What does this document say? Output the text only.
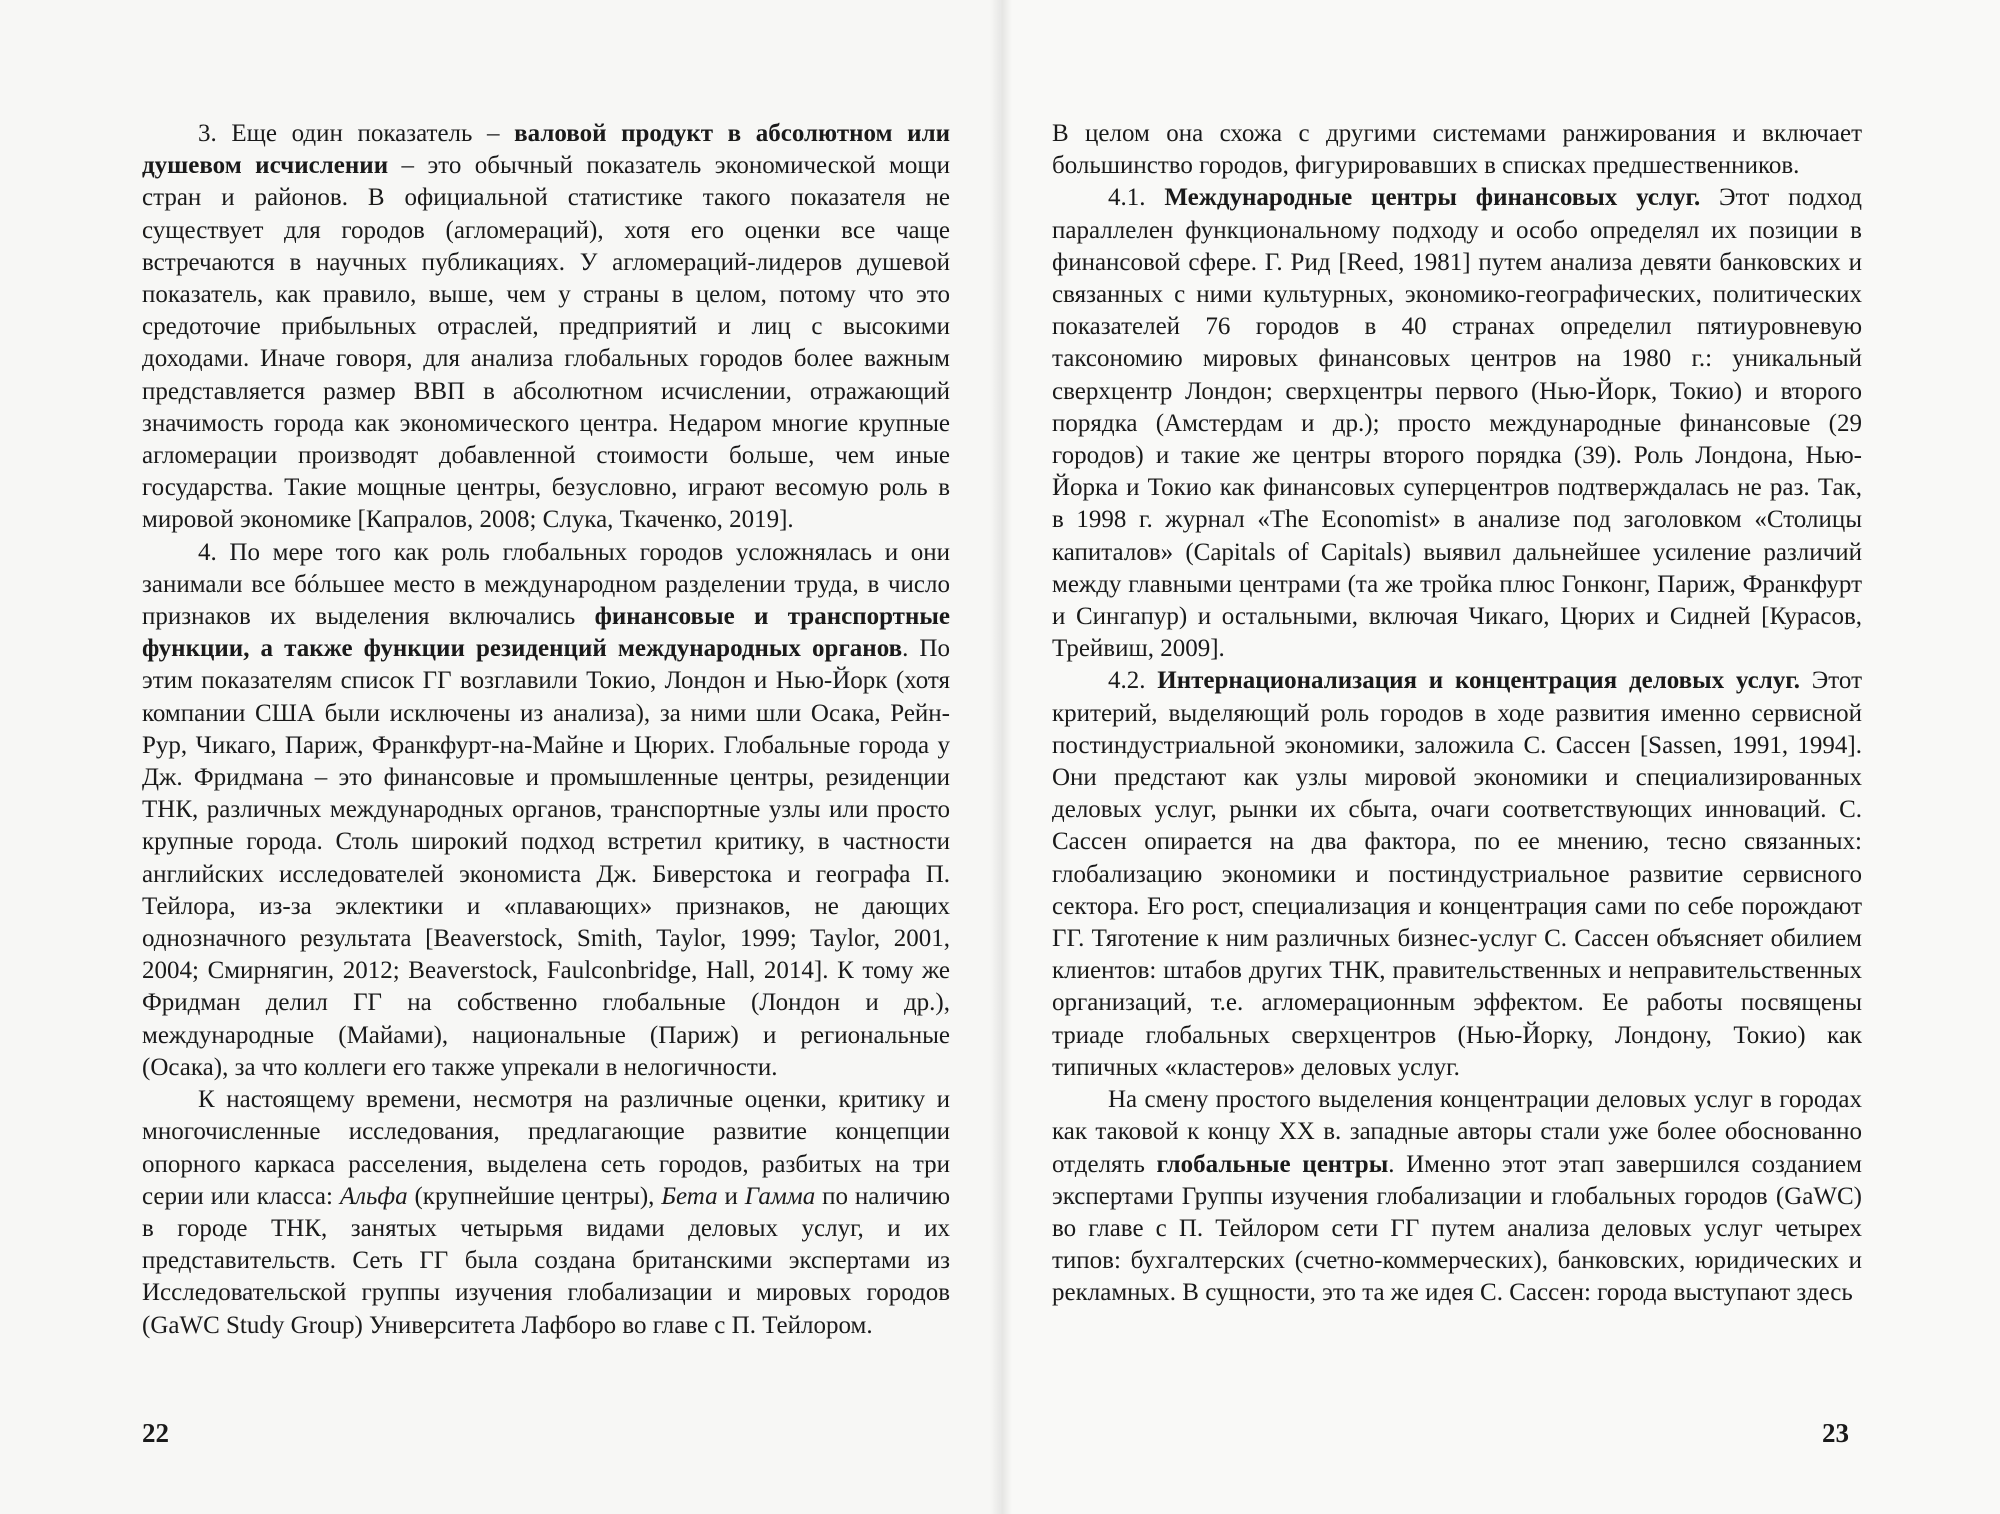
3. Еще один показатель – валовой продукт в абсолютном или душевом исчислении – это обычный показатель экономической мощи стран и районов. В официальной статистике такого показателя не существует для городов (агломераций), хотя его оценки все чаще встречаются в научных публикациях. У агломераций-лидеров душевой показатель, как правило, выше, чем у страны в целом, потому что это средоточие прибыльных отраслей, предприятий и лиц с высокими доходами. Иначе говоря, для анализа глобальных городов более важным представляется размер ВВП в абсолютном исчислении, отражающий значимость города как экономического центра. Недаром многие крупные агломерации производят добавленной стоимости больше, чем иные государства. Такие мощные центры, безусловно, играют весомую роль в мировой экономике [Капралов, 2008; Слука, Ткаченко, 2019].

4. По мере того как роль глобальных городов усложнялась и они занимали все бóльшее место в международном разделении труда, в число признаков их выделения включались финансовые и транспортные функции, а также функции резиденций международных органов. По этим показателям список ГГ возглавили Токио, Лондон и Нью-Йорк (хотя компании США были исключены из анализа), за ними шли Осака, Рейн-Рур, Чикаго, Париж, Франкфурт-на-Майне и Цюрих. Глобальные города у Дж. Фридмана – это финансовые и промышленные центры, резиденции ТНК, различных международных органов, транспортные узлы или просто крупные города. Столь широкий подход встретил критику, в частности английских исследователей экономиста Дж. Биверстока и географа П. Тейлора, из-за эклектики и «плавающих» признаков, не дающих однозначного результата [Beaverstock, Smith, Taylor, 1999; Taylor, 2001, 2004; Смирнягин, 2012; Beaverstock, Faulconbridge, Hall, 2014]. К тому же Фридман делил ГГ на собственно глобальные (Лондон и др.), международные (Майами), национальные (Париж) и региональные (Осака), за что коллеги его также упрекали в нелогичности.

К настоящему времени, несмотря на различные оценки, критику и многочисленные исследования, предлагающие развитие концепции опорного каркаса расселения, выделена сеть городов, разбитых на три серии или класса: Альфа (крупнейшие центры), Бета и Гамма по наличию в городе ТНК, занятых четырьмя видами деловых услуг, и их представительств. Сеть ГГ была создана британскими экспертами из Исследовательской группы изучения глобализации и мировых городов (GaWC Study Group) Университета Лафборо во главе с П. Тейлором.

22

В целом она схожа с другими системами ранжирования и включает большинство городов, фигурировавших в списках предшественников.

4.1. Международные центры финансовых услуг. Этот подход параллелен функциональному подходу и особо определял их позиции в финансовой сфере. Г. Рид [Reed, 1981] путем анализа девяти банковских и связанных с ними культурных, экономико-географических, политических показателей 76 городов в 40 странах определил пятиуровневую таксономию мировых финансовых центров на 1980 г.: уникальный сверхцентр Лондон; сверхцентры первого (Нью-Йорк, Токио) и второго порядка (Амстердам и др.); просто международные финансовые (29 городов) и такие же центры второго порядка (39). Роль Лондона, Нью-Йорка и Токио как финансовых суперцентров подтверждалась не раз. Так, в 1998 г. журнал «The Economist» в анализе под заголовком «Столицы капиталов» (Capitals of Capitals) выявил дальнейшее усиление различий между главными центрами (та же тройка плюс Гонконг, Париж, Франкфурт и Сингапур) и остальными, включая Чикаго, Цюрих и Сидней [Курасов, Трейвиш, 2009].

4.2. Интернационализация и концентрация деловых услуг. Этот критерий, выделяющий роль городов в ходе развития именно сервисной постиндустриальной экономики, заложила С. Сассен [Sassen, 1991, 1994]. Они предстают как узлы мировой экономики и специализированных деловых услуг, рынки их сбыта, очаги соответствующих инноваций. С. Сассен опирается на два фактора, по ее мнению, тесно связанных: глобализацию экономики и постиндустриальное развитие сервисного сектора. Его рост, специализация и концентрация сами по себе порождают ГГ. Тяготение к ним различных бизнес-услуг С. Сассен объясняет обилием клиентов: штабов других ТНК, правительственных и неправительственных организаций, т.е. агломерационным эффектом. Ее работы посвящены триаде глобальных сверхцентров (Нью-Йорку, Лондону, Токио) как типичных «кластеров» деловых услуг.

На смену простого выделения концентрации деловых услуг в городах как таковой к концу XX в. западные авторы стали уже более обоснованно отделять глобальные центры. Именно этот этап завершился созданием экспертами Группы изучения глобализации и глобальных городов (GaWC) во главе с П. Тейлором сети ГГ путем анализа деловых услуг четырех типов: бухгалтерских (счетно-коммерческих), банковских, юридических и рекламных. В сущности, это та же идея С. Сассен: города выступают здесь

23
